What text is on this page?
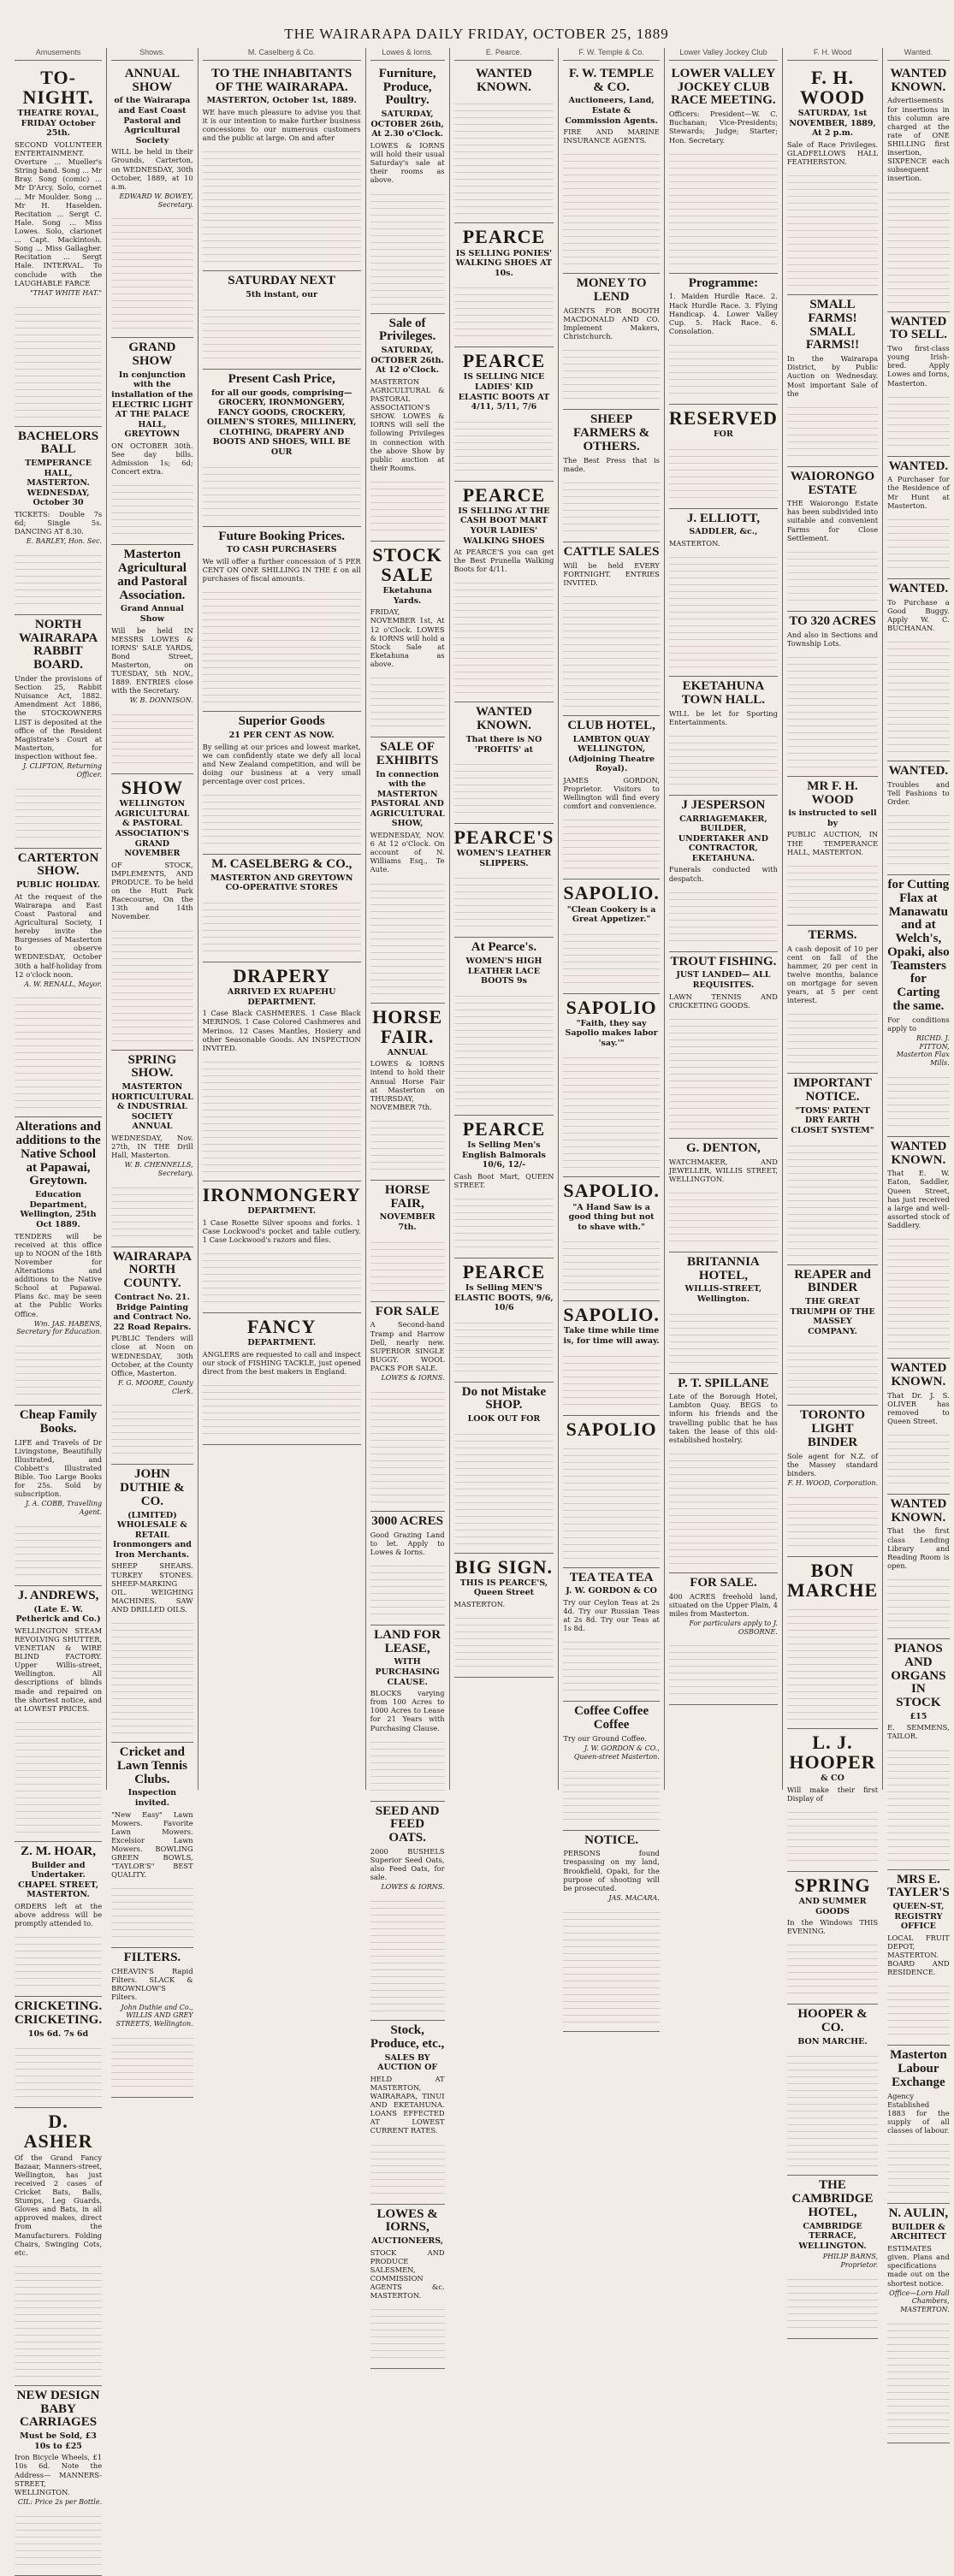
THE WAIRARAPA DAILY FRIDAY, OCTOBER 25, 1889
Amusements
TO-NIGHT.
THEATRE ROYAL, FRIDAY October 25th.
SECOND VOLUNTEER ENTERTAINMENT. Overture ... Mueller's String band. Song ... Mr Bray. Song (comic) ... Mr D'Arcy. Solo, cornet ... Mr Moulder. Song ... Mr H. Haselden. Recitation ... Sergt C. Hale. Song ... Miss Lowes. Solo, clarionet ... Capt. Mackintosh. Song ... Miss Gallagher. Recitation ... Sergt Hale. INTERVAL. To conclude with the LAUGHABLE FARCE
"THAT WHITE HAT."
BACHELORS BALL
TEMPERANCE HALL, MASTERTON. WEDNESDAY, October 30
TICKETS: Double 7s 6d; Single 5s. DANCING AT 8.30.
E. BARLEY, Hon. Sec.
NORTH WAIRARAPA RABBIT BOARD.
Under the provisions of Section 25, Rabbit Nuisance Act, 1882. Amendment Act 1886, the STOCKOWNERS LIST is deposited at the office of the Resident Magistrate's Court at Masterton, for inspection without fee.
J. CLIFTON, Returning Officer.
CARTERTON SHOW.
PUBLIC HOLIDAY.
At the request of the Wairarapa and East Coast Pastoral and Agricultural Society, I hereby invite the Burgesses of Masterton to observe WEDNESDAY, October 30th a half-holiday from 12 o'clock noon.
A. W. RENALL, Mayor.
Alterations and additions to the Native School at Papawai, Greytown.
Education Department, Wellington, 25th Oct 1889.
TENDERS will be received at this office up to NOON of the 18th November for Alterations and additions to the Native School at Papawai. Plans &c. may be seen at the Public Works Office.
Wm. JAS. HABENS, Secretary for Education.
Cheap Family Books.
LIFE and Travels of Dr Livingstone, Beautifully Illustrated, and Cobbett's Illustrated Bible. Too Large Books for 25s. Sold by subscription.
J. A. COBB, Travelling Agent.
J. ANDREWS,
(Late E. W. Petherick and Co.)
WELLINGTON STEAM REVOLVING SHUTTER, VENETIAN & WIRE BLIND FACTORY. Upper Willis-street, Wellington. All descriptions of blinds made and repaired on the shortest notice, and at LOWEST PRICES.
Z. M. HOAR,
Builder and Undertaker. CHAPEL STREET, MASTERTON.
ORDERS left at the above address will be promptly attended to.
CRICKETING. CRICKETING.
10s 6d. 7s 6d
D. ASHER
Of the Grand Fancy Bazaar, Manners-street, Wellington, has just received 2 cases of Cricket Bats, Balls, Stumps, Leg Guards, Gloves and Bats, in all approved makes, direct from the Manufacturers. Folding Chairs, Swinging Cots, etc.
NEW DESIGN BABY CARRIAGES
Must be Sold, £3 10s to £25
Iron Bicycle Wheels, £1 10s 6d. Note the Address— MANNERS-STREET, WELLINGTON.
CIL: Price 2s per Bottle.
Shows.
ANNUAL SHOW
of the Wairarapa and East Coast Pastoral and Agricultural Society
WILL be held in their Grounds, Carterton, on WEDNESDAY, 30th October, 1889, at 10 a.m.
EDWARD W. BOWEY, Secretary.
GRAND SHOW
In conjunction with the installation of the ELECTRIC LIGHT AT THE PALACE HALL, GREYTOWN
ON OCTOBER 30th. See day bills. Admission 1s; 6d; Concert extra.
Masterton Agricultural and Pastoral Association.
Grand Annual Show
Will be held IN MESSRS LOWES & IORNS' SALE YARDS, Bond Street, Masterton, on TUESDAY, 5th NOV., 1889. ENTRIES close with the Secretary.
W. B. DONNISON.
SHOW
WELLINGTON AGRICULTURAL & PASTORAL ASSOCIATION'S GRAND NOVEMBER
OF STOCK, IMPLEMENTS, AND PRODUCE. To be held on the Hutt Park Racecourse, On the 13th and 14th November.
SPRING SHOW.
MASTERTON HORTICULTURAL & INDUSTRIAL SOCIETY ANNUAL
WEDNESDAY, Nov. 27th, IN THE Drill Hall, Masterton.
W. B. CHENNELLS, Secretary.
WAIRARAPA NORTH COUNTY.
Contract No. 21. Bridge Painting and Contract No. 22 Road Repairs.
PUBLIC Tenders will close at Noon on WEDNESDAY, 30th October, at the County Office, Masterton.
F. G. MOORE, County Clerk.
JOHN DUTHIE & CO.
(LIMITED) WHOLESALE & RETAIL Ironmongers and Iron Merchants.
SHEEP SHEARS. TURKEY STONES. SHEEP-MARKING OIL. WEIGHING MACHINES. SAW AND DRILLED OILS.
Cricket and Lawn Tennis Clubs.
Inspection invited.
"New Easy" Lawn Mowers. Favorite Lawn Mowers. Excelsior Lawn Mowers. BOWLING GREEN BOWLS, "TAYLOR'S" BEST QUALITY.
FILTERS.
CHEAVIN'S Rapid Filters. SLACK & BROWNLOW'S Filters.
John Duthie and Co., WILLIS AND GREY STREETS, Wellington.
M. Caselberg & Co.
TO THE INHABITANTS OF THE WAIRARAPA.
MASTERTON, October 1st, 1889.
WE have much pleasure to advise you that it is our intention to make further business concessions to our numerous customers and the public at large. On and after
SATURDAY NEXT
5th instant, our
Present Cash Price,
for all our goods, comprising— GROCERY, IRONMONGERY, FANCY GOODS, CROCKERY, OILMEN'S STORES, MILLINERY, CLOTHING, DRAPERY AND BOOTS AND SHOES, WILL BE OUR
Future Booking Prices.
TO CASH PURCHASERS
We will offer a further concession of 5 PER CENT ON ONE SHILLING IN THE £ on all purchases of fiscal amounts.
Superior Goods
21 PER CENT AS NOW.
By selling at our prices and lowest market, we can confidently state we defy all local and New Zealand competition, and will be doing our business at a very small percentage over cost prices.
M. CASELBERG & CO.,
MASTERTON AND GREYTOWN CO-OPERATIVE STORES
DRAPERY
ARRIVED EX RUAPEHU DEPARTMENT.
1 Case Black CASHMERES. 1 Case Black MERINOS. 1 Case Colored Cashmeres and Merinos. 12 Cases Mantles, Hosiery and other Seasonable Goods. AN INSPECTION INVITED.
IRONMONGERY
DEPARTMENT.
1 Case Rosette Silver spoons and forks. 1 Case Lockwood's pocket and table cutlery. 1 Case Lockwood's razors and files.
FANCY
DEPARTMENT.
ANGLERS are requested to call and inspect our stock of FISHING TACKLE, just opened direct from the best makers in England.
Lowes & Iorns.
Furniture, Produce, Poultry.
SATURDAY, OCTOBER 26th, At 2.30 o'Clock.
LOWES & IORNS will hold their usual Saturday's sale at their rooms as above.
Sale of Privileges.
SATURDAY, OCTOBER 26th. At 12 o'Clock.
MASTERTON AGRICULTURAL & PASTORAL ASSOCIATION'S SHOW. LOWES & IORNS will sell the following Privileges in connection with the above Show by public auction at their Rooms.
STOCK SALE
Eketahuna Yards.
FRIDAY, NOVEMBER 1st, At 12 o'Clock. LOWES & IORNS will hold a Stock Sale at Eketahuna as above.
SALE OF EXHIBITS
In connection with the MASTERTON PASTORAL AND AGRICULTURAL SHOW,
WEDNESDAY, NOV. 6 At 12 o'Clock. On account of N. Williams Esq., Te Aute.
HORSE FAIR.
ANNUAL
LOWES & IORNS intend to hold their Annual Horse Fair at Masterton on THURSDAY, NOVEMBER 7th.
HORSE FAIR,
NOVEMBER 7th.
FOR SALE
A Second-hand Tramp and Harrow Dell, nearly new. SUPERIOR SINGLE BUGGY. WOOL PACKS FOR SALE.
LOWES & IORNS.
3000 ACRES
Good Grazing Land to let. Apply to Lowes & Iorns.
LAND FOR LEASE,
WITH PURCHASING CLAUSE.
BLOCKS varying from 100 Acres to 1000 Acres to Lease for 21 Years with Purchasing Clause.
SEED AND FEED OATS.
2000 BUSHELS Superior Seed Oats, also Feed Oats, for sale.
LOWES & IORNS.
Stock, Produce, etc.,
SALES BY AUCTION OF
HELD AT MASTERTON, WAIRARAPA, TINUI AND EKETAHUNA. LOANS EFFECTED AT LOWEST CURRENT RATES.
LOWES & IORNS,
AUCTIONEERS,
STOCK AND PRODUCE SALESMEN, COMMISSION AGENTS &c. MASTERTON.
E. Pearce.
WANTED KNOWN.
PEARCE
IS SELLING PONIES' WALKING SHOES AT 10s.
PEARCE
IS SELLING NICE LADIES' KID ELASTIC BOOTS AT 4/11, 5/11, 7/6
PEARCE
IS SELLING AT THE CASH BOOT MART YOUR LADIES' WALKING SHOES
At PEARCE'S you can get the Best Prunella Walking Boots for 4/11.
WANTED KNOWN.
That there is NO 'PROFITS' at
PEARCE'S
WOMEN'S LEATHER SLIPPERS.
At Pearce's.
WOMEN'S HIGH LEATHER LACE BOOTS 9s
PEARCE
Is Selling Men's English Balmorals 10/6, 12/-
Cash Boot Mart, QUEEN STREET.
PEARCE
Is Selling MEN'S ELASTIC BOOTS, 9/6, 10/6
Do not Mistake SHOP.
LOOK OUT FOR
BIG SIGN.
THIS IS PEARCE'S, Queen Street
MASTERTON.
F. W. Temple & Co.
F. W. TEMPLE & CO.
Auctioneers, Land, Estate & Commission Agents.
FIRE AND MARINE INSURANCE AGENTS.
MONEY TO LEND
AGENTS FOR BOOTH MACDONALD AND CO. Implement Makers, Christchurch.
SHEEP FARMERS & OTHERS.
The Best Press that is made.
CATTLE SALES
Will be held EVERY FORTNIGHT. ENTRIES INVITED.
CLUB HOTEL,
LAMBTON QUAY WELLINGTON, (Adjoining Theatre Royal).
JAMES GORDON, Proprietor. Visitors to Wellington will find every comfort and convenience.
SAPOLIO.
"Clean Cookery is a Great Appetizer."
SAPOLIO
"Faith, they say Sapolio makes labor 'say.'"
SAPOLIO.
"A Hand Saw is a good thing but not to shave with."
SAPOLIO.
Take time while time is, for time will away.
SAPOLIO
TEA TEA TEA
J. W. GORDON & CO
Try our Ceylon Teas at 2s 4d. Try our Russian Teas at 2s 8d. Try our Teas at 1s 8d.
Coffee Coffee Coffee
Try our Ground Coffee.
J. W. GORDON & CO., Queen-street Masterton.
NOTICE.
PERSONS found trespassing on my land, Brookfield, Opaki, for the purpose of shooting will be prosecuted.
JAS. MACARA.
Lower Valley Jockey Club
LOWER VALLEY JOCKEY CLUB RACE MEETING.
Officers: President—W. C. Buchanan; Vice-Presidents; Stewards; Judge; Starter; Hon. Secretary.
Programme:
1. Maiden Hurdle Race. 2. Hack Hurdle Race. 3. Flying Handicap. 4. Lower Valley Cup. 5. Hack Race. 6. Consolation.
RESERVED
FOR
J. ELLIOTT,
SADDLER, &c.,
MASTERTON.
EKETAHUNA TOWN HALL.
WILL be let for Sporting Entertainments.
J JESPERSON
CARRIAGEMAKER, BUILDER, UNDERTAKER AND CONTRACTOR, EKETAHUNA.
Funerals conducted with despatch.
TROUT FISHING.
JUST LANDED— ALL REQUISITES.
LAWN TENNIS AND CRICKETING GOODS.
G. DENTON,
WATCHMAKER, AND JEWELLER, WILLIS STREET, WELLINGTON.
BRITANNIA HOTEL,
WILLIS-STREET, Wellington.
P. T. SPILLANE
Late of the Borough Hotel, Lambton Quay. BEGS to inform his friends and the travelling public that he has taken the lease of this old-established hostelry.
FOR SALE.
400 ACRES freehold land, situated on the Upper Plain, 4 miles from Masterton.
For particulars apply to J. OSBORNE.
F. H. Wood
F. H. WOOD
SATURDAY, 1st NOVEMBER, 1889, At 2 p.m.
Sale of Race Privileges. GLADFELLOWS HALL FEATHERSTON.
SMALL FARMS! SMALL FARMS!!
In the Wairarapa District, by Public Auction on Wednesday. Most important Sale of the
WAIORONGO ESTATE
THE Waiorongo Estate has been subdivided into suitable and convenient Farms for Close Settlement.
TO 320 ACRES
And also in Sections and Township Lots.
MR F. H. WOOD
is instructed to sell by
PUBLIC AUCTION, IN THE TEMPERANCE HALL, MASTERTON.
TERMS.
A cash deposit of 10 per cent on fall of the hammer, 20 per cent in twelve months, balance on mortgage for seven years, at 5 per cent interest.
IMPORTANT NOTICE.
"TOMS' PATENT DRY EARTH CLOSET SYSTEM"
REAPER and BINDER
THE GREAT TRIUMPH OF THE MASSEY COMPANY.
TORONTO LIGHT BINDER
Sole agent for N.Z. of the Massey standard binders.
F. H. WOOD, Corporation.
BON MARCHE
L. J. HOOPER
& CO
Will make their first Display of
SPRING
AND SUMMER GOODS
In the Windows THIS EVENING.
HOOPER & CO.
BON MARCHE.
THE CAMBRIDGE HOTEL,
CAMBRIDGE TERRACE, WELLINGTON.
PHILIP BARNS, Proprietor.
Wanted.
WANTED KNOWN.
Advertisements for insertions in this column are charged at the rate of ONE SHILLING first insertion, SIXPENCE each subsequent insertion.
WANTED TO SELL.
Two first-class young Irish-bred. Apply Lowes and Iorns, Masterton.
WANTED.
A Purchaser for the Residence of Mr Hunt at Masterton.
WANTED.
To Purchase a Good Buggy. Apply W. C. BUCHANAN.
WANTED.
Troubles and Tell Fashions to Order.
for Cutting Flax at Manawatu and at Welch's, Opaki, also Teamsters for Carting the same.
For conditions apply to
RICHD. J. FITTON, Masterton Flax Mills.
WANTED KNOWN.
That E. W. Eaton, Saddler, Queen Street, has just received a large and well-assorted stock of Saddlery.
WANTED KNOWN.
That Dr. J. S. OLIVER has removed to Queen Street.
WANTED KNOWN.
That the first class Lending Library and Reading Room is open.
PIANOS AND ORGANS IN STOCK
£15
E. SEMMENS, TAILOR.
MRS E. TAYLER'S
QUEEN-ST, REGISTRY OFFICE
LOCAL FRUIT DEPOT, MASTERTON. BOARD AND RESIDENCE.
Masterton Labour Exchange
Agency Established 1883 for the supply of all classes of labour.
N. AULIN,
BUILDER & ARCHITECT
ESTIMATES given. Plans and specifications made out on the shortest notice.
Office—Lorn Hall Chambers, MASTERTON.
